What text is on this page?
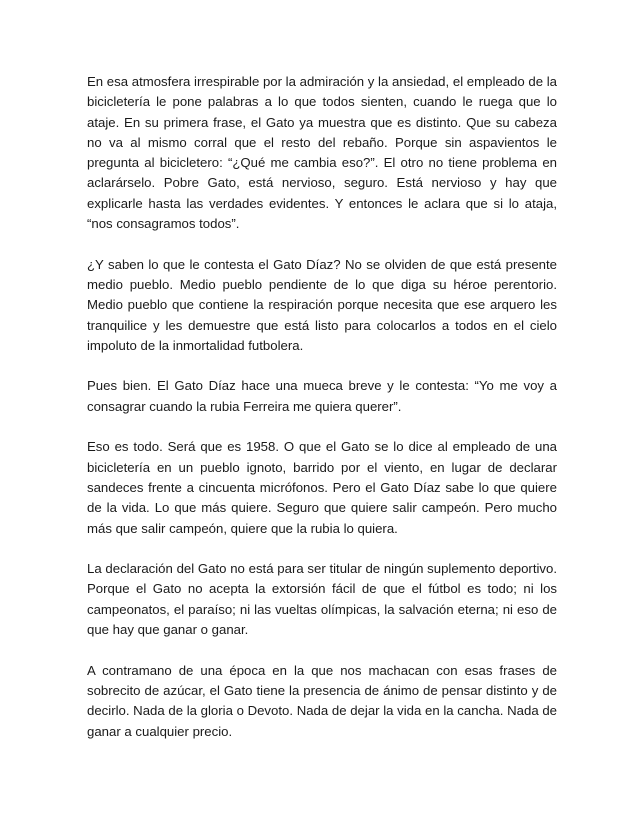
En esa atmosfera irrespirable por la admiración y la ansiedad, el empleado de la bicicletería le pone palabras a lo que todos sienten, cuando le ruega que lo ataje. En su primera frase, el Gato ya muestra que es distinto. Que su cabeza no va al mismo corral que el resto del rebaño. Porque sin aspavientos le pregunta al bicicletero: “¿Qué me cambia eso?”. El otro no tiene problema en aclarárselo. Pobre Gato, está nervioso, seguro. Está nervioso y hay que explicarle hasta las verdades evidentes. Y entonces le aclara que si lo ataja, “nos consagramos todos”.

¿Y saben lo que le contesta el Gato Díaz? No se olviden de que está presente medio pueblo. Medio pueblo pendiente de lo que diga su héroe perentorio. Medio pueblo que contiene la respiración porque necesita que ese arquero les tranquilice y les demuestre que está listo para colocarlos a todos en el cielo impoluto de la inmortalidad futbolera.

Pues bien. El Gato Díaz hace una mueca breve y le contesta: “Yo me voy a consagrar cuando la rubia Ferreira me quiera querer”.

Eso es todo. Será que es 1958. O que el Gato se lo dice al empleado de una bicicletería en un pueblo ignoto, barrido por el viento, en lugar de declarar sandeces frente a cincuenta micrófonos. Pero el Gato Díaz sabe lo que quiere de la vida. Lo que más quiere. Seguro que quiere salir campeón. Pero mucho más que salir campeón, quiere que la rubia lo quiera.

La declaración del Gato no está para ser titular de ningún suplemento deportivo. Porque el Gato no acepta la extorsión fácil de que el fútbol es todo; ni los campeonatos, el paraíso; ni las vueltas olímpicas, la salvación eterna; ni eso de que hay que ganar o ganar.

A contramano de una época en la que nos machacan con esas frases de sobrecito de azúcar, el Gato tiene la presencia de ánimo de pensar distinto y de decirlo. Nada de la gloria o Devoto. Nada de dejar la vida en la cancha. Nada de ganar a cualquier precio.
